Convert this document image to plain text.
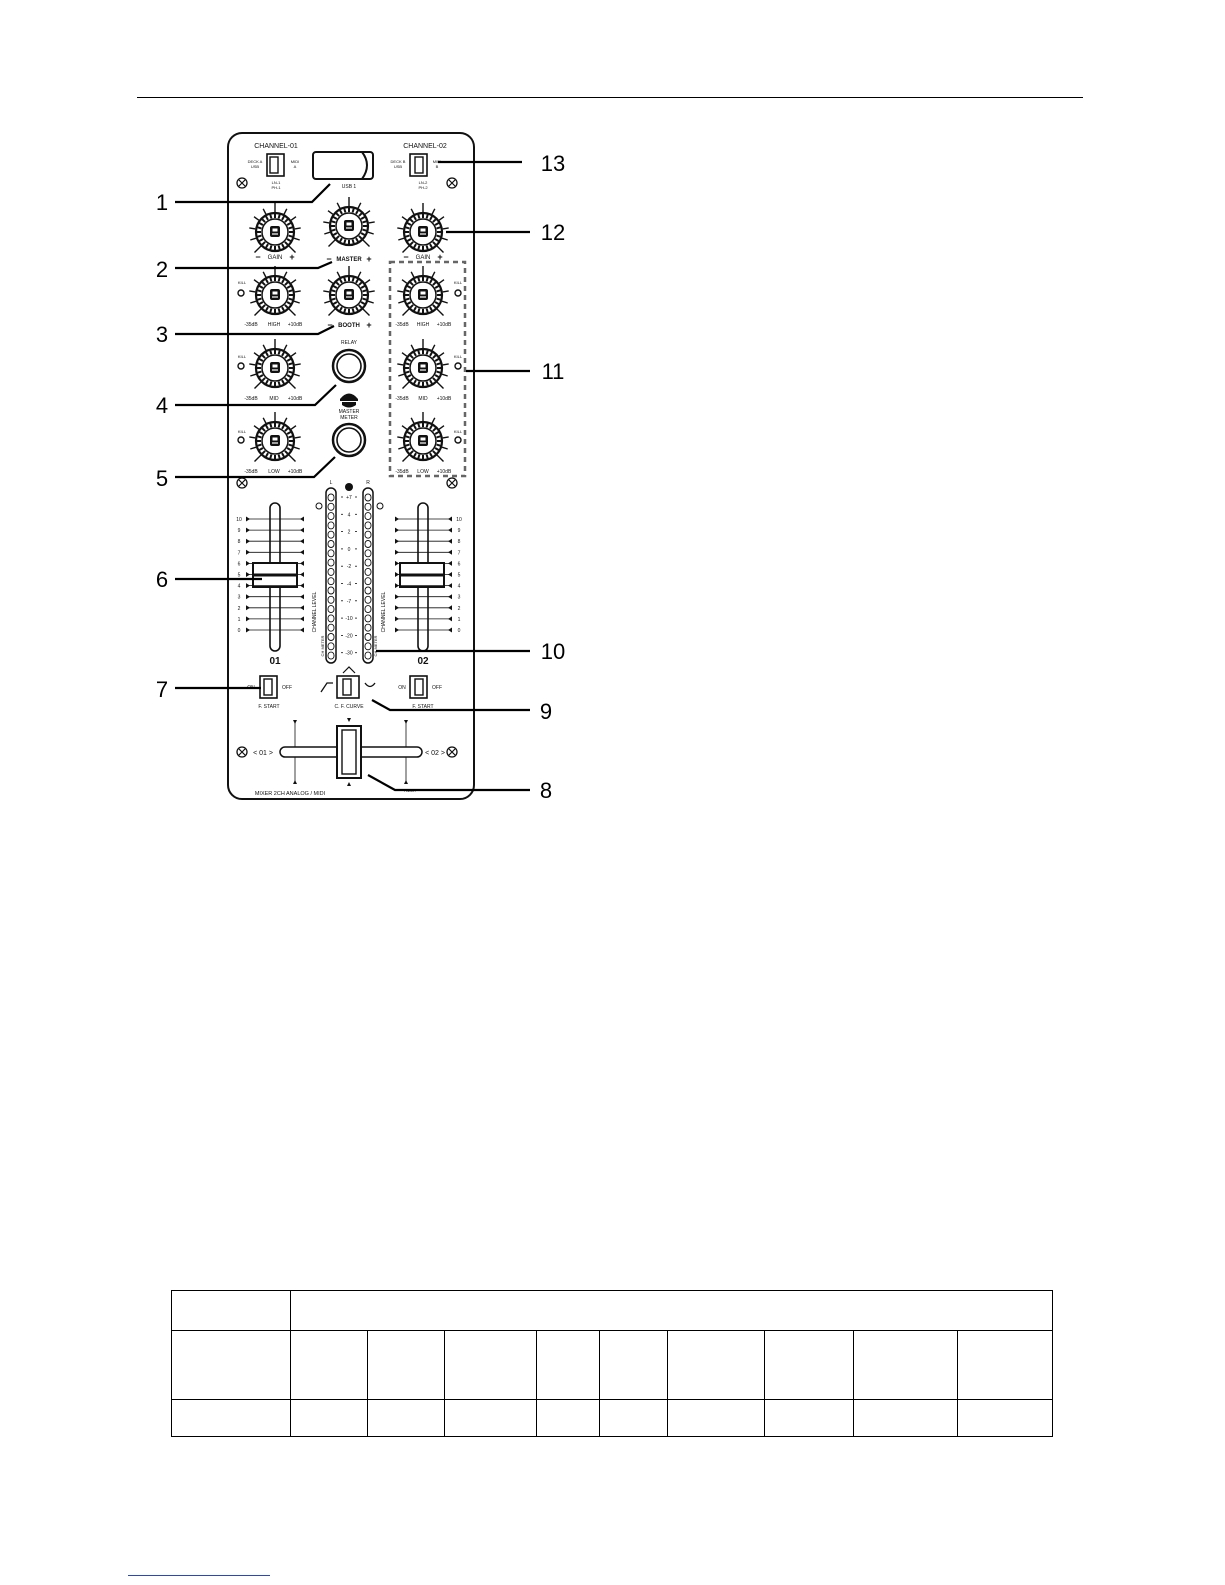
CHANNEL-01	CHANNEL-02
DECK A
USB
MIDI
A
LN-1
PH-1	USB 1
DECK B
USB
MIDI
B
LN-2
PH-2
GAIN
−	+	MASTER
−	+	GAIN
−	+
KILL
-35dB HIGH +10dB	BOOTH
−	+
KILL
-35dB HIGH +10dB
KILL
-35dB MID +10dB
KILL
-35dB MID +10dB
KILL
-35dB LOW +10dB
KILL
-35dB LOW +10dB
RELAY
MASTER
METER
01
CHANNEL LEVEL
02
CHANNEL LEVEL
10	10
9	9
8	8
7	7
6	6
5	5
4	4
3	3
2	2
1	1
0	0
L	R
+7
4
2
0
-2
-4
-7
-10
-20
-30
CH METER	CH METER
ON	OFF
F. START	C. F. CURVE
ON	OFF
F. START
< 01 >	< 02 >
FADER
MIXER 2CH ANALOG / MIDI
1
2
3
4
5
6
7
8
9
10
11
12
13
